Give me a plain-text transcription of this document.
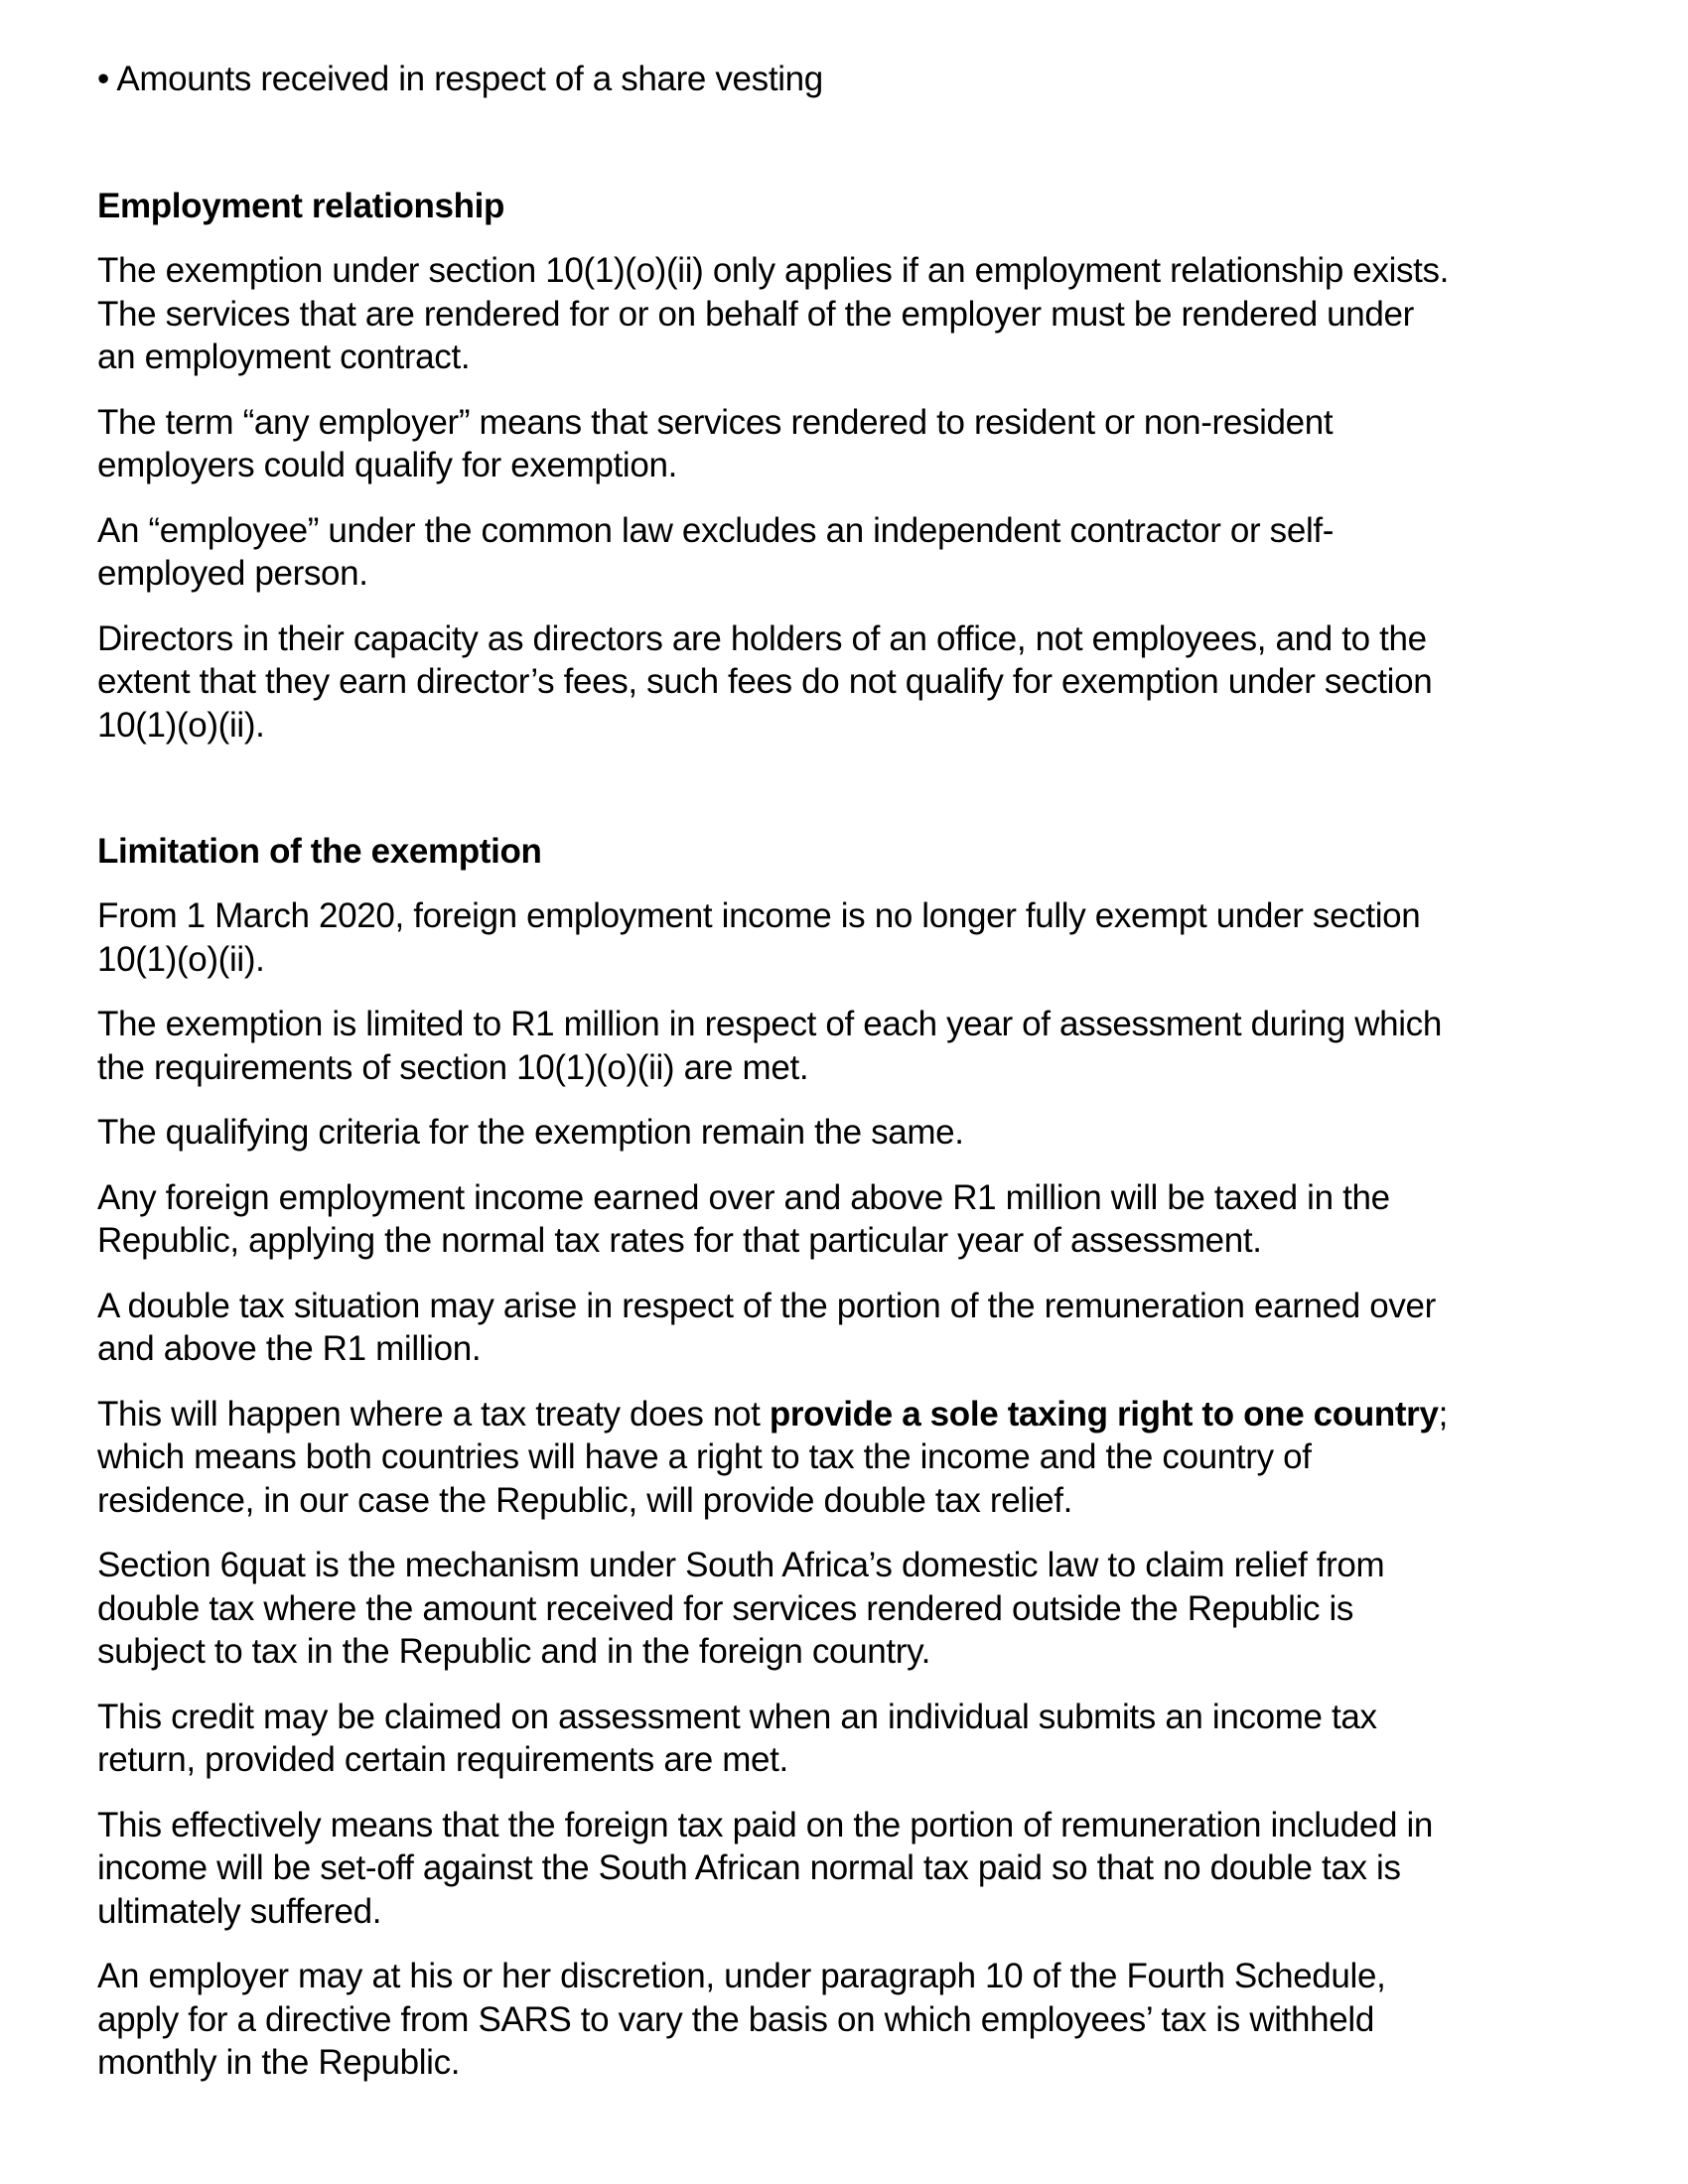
• Amounts received in respect of a share vesting

Employment relationship

The exemption under section 10(1)(o)(ii) only applies if an employment relationship exists.
The services that are rendered for or on behalf of the employer must be rendered under
an employment contract.

The term “any employer” means that services rendered to resident or non-resident
employers could qualify for exemption.

An “employee” under the common law excludes an independent contractor or self-
employed person.

Directors in their capacity as directors are holders of an office, not employees, and to the
extent that they earn director’s fees, such fees do not qualify for exemption under section
10(1)(o)(ii).

Limitation of the exemption

From 1 March 2020, foreign employment income is no longer fully exempt under section
10(1)(o)(ii).

The exemption is limited to R1 million in respect of each year of assessment during which
the requirements of section 10(1)(o)(ii) are met.

The qualifying criteria for the exemption remain the same.

Any foreign employment income earned over and above R1 million will be taxed in the
Republic, applying the normal tax rates for that particular year of assessment.

A double tax situation may arise in respect of the portion of the remuneration earned over
and above the R1 million.

This will happen where a tax treaty does not provide a sole taxing right to one country;
which means both countries will have a right to tax the income and the country of
residence, in our case the Republic, will provide double tax relief.

Section 6quat is the mechanism under South Africa’s domestic law to claim relief from
double tax where the amount received for services rendered outside the Republic is
subject to tax in the Republic and in the foreign country.

This credit may be claimed on assessment when an individual submits an income tax
return, provided certain requirements are met.

This effectively means that the foreign tax paid on the portion of remuneration included in
income will be set-off against the South African normal tax paid so that no double tax is
ultimately suffered.

An employer may at his or her discretion, under paragraph 10 of the Fourth Schedule,
apply for a directive from SARS to vary the basis on which employees’ tax is withheld
monthly in the Republic.
